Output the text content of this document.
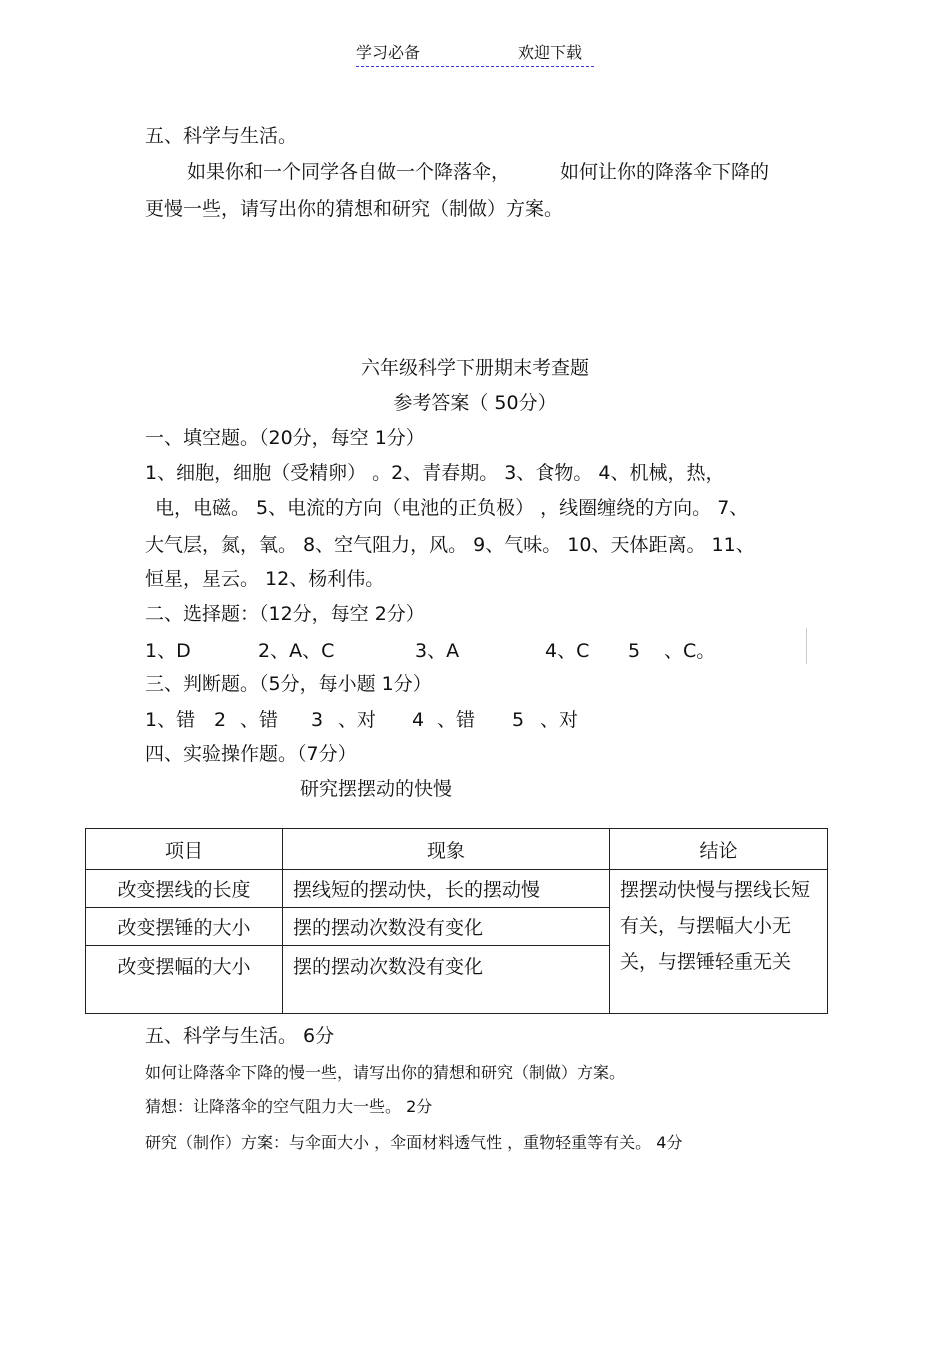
学习必备	欢迎下载
五、科学与生活。
如果你和一个同学各自做一个降落伞，	如何让你的降落伞下降的
更慢一些，请写出你的猜想和研究（制做）方案。
六年级科学下册期末考查题
参考答案（ 50分）
一、填空题。（20分，每空 1分）
1、细胞，细胞（受精卵） 。2、青春期。 3、食物。 4、机械，热，
电，电磁。 5、电流的方向（电池的正负极） ，线圈缠绕的方向。 7、
大气层，氮，氧。 8、空气阻力，风。 9、气味。 10、天体距离。 11、
恒星，星云。 12、杨利伟。
二、选择题：（12分，每空 2分）
1、D	2、A、C	3、A	4、C 5 、C。
三、判断题。（5分，每小题 1分）
1、错 2 、错 3 、对 4 、错 5 、对
四、实验操作题。（7分）
研究摆摆动的快慢
项目	现象	结论
改变摆线的长度	摆线短的摆动快，长的摆动慢	摆摆动快慢与摆线长短有关，与摆幅大小无关，与摆锤轻重无关
改变摆锤的大小	摆的摆动次数没有变化	
改变摆幅的大小	摆的摆动次数没有变化	
五、科学与生活。 6分
如何让降落伞下降的慢一些，请写出你的猜想和研究（制做）方案。
猜想：让降落伞的空气阻力大一些。 2分
研究（制作）方案：与伞面大小 ，伞面材料透气性 ，重物轻重等有关。 4分
